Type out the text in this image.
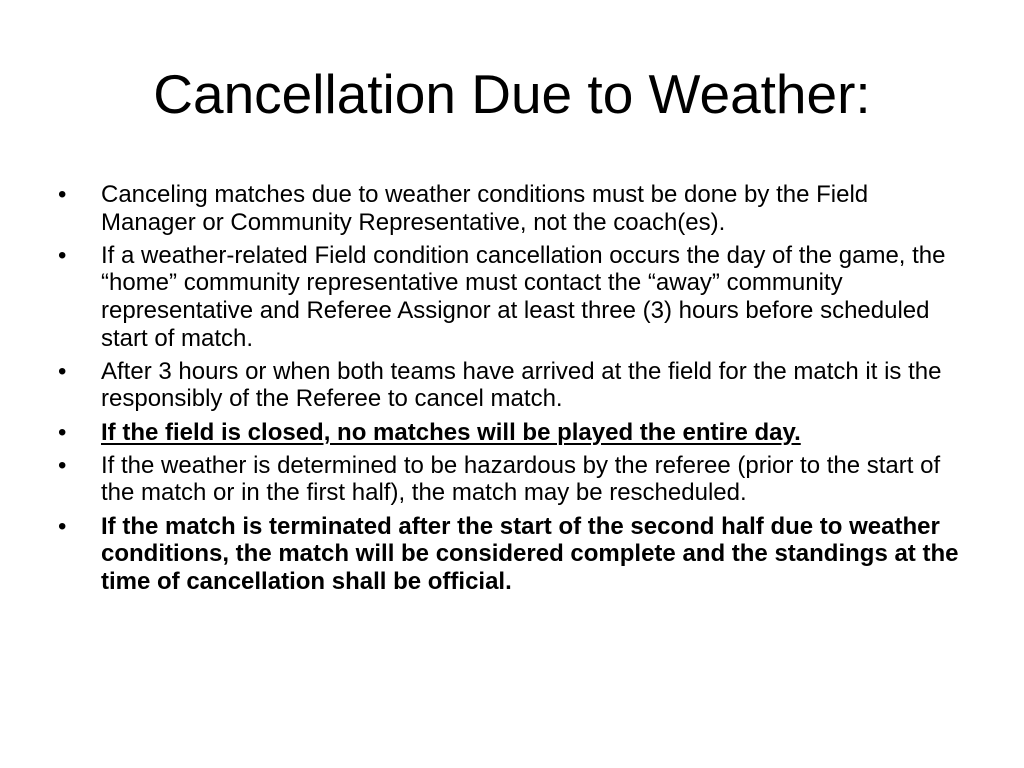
Cancellation Due to Weather:
•	Canceling matches due to weather conditions must be done by the Field Manager or Community Representative, not the coach(es).
•	If a weather-related Field condition cancellation occurs the day of the game, the “home” community representative must contact the “away” community representative and Referee Assignor at least three (3) hours before scheduled start of match.
•	After 3 hours or when both teams have arrived at the field for the match it is the responsibly of the Referee to cancel match.
•	If the field is closed, no matches will be played the entire day.
•	If the weather is determined to be hazardous by the referee (prior to the start of the match or in the first half), the match may be rescheduled.
•	If the match is terminated after the start of the second half due to weather conditions, the match will be considered complete and the standings at the time of cancellation shall be official.
